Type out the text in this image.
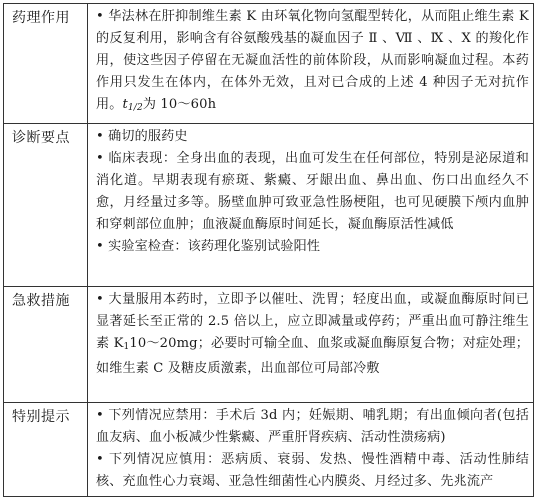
药理作用	• 华法林在肝抑制维生素 K 由环氧化物向氢醌型转化，从而阻止维生素 K 的反复利用，影响含有谷氨酸残基的凝血因子 Ⅱ 、Ⅶ 、Ⅸ 、Ⅹ 的羧化作用，使这些因子停留在无凝血活性的前体阶段，从而影响凝血过程。本药作用只发生在体内，在体外无效，且对已合成的上述 4 种因子无对抗作用。$t_{1/2}$为 10～60h

诊断要点	• 确切的服药史

• 临床表现：全身出血的表现，出血可发生在任何部位，特别是泌尿道和消化道。早期表现有瘀斑、紫癜、牙龈出血、鼻出血、伤口出血经久不愈，月经量过多等。肠壁血肿可致亚急性肠梗阻，也可见硬膜下颅内血肿和穿刺部位血肿；血液凝血酶原时间延长，凝血酶原活性减低

• 实验室检查：该药理化鉴别试验阳性

急救措施	• 大量服用本药时，立即予以催吐、洗胃；轻度出血，或凝血酶原时间已显著延长至正常的 2.5 倍以上，应立即减量或停药；严重出血可静注维生素 $K_110\sim 20mg$；必要时可输全血、血浆或凝血酶原复合物；对症处理；如维生素 C 及糖皮质激素，出血部位可局部冷敷

特别提示	• 下列情况应禁用：手术后 3d 内；妊娠期、哺乳期；有出血倾向者(包括血友病、血小板减少性紫癜、严重肝肾疾病、活动性溃疡病)

• 下列情况应慎用：恶病质、衰弱、发热、慢性酒精中毒、活动性肺结核、充血性心力衰竭、亚急性细菌性心内膜炎、月经过多、先兆流产
